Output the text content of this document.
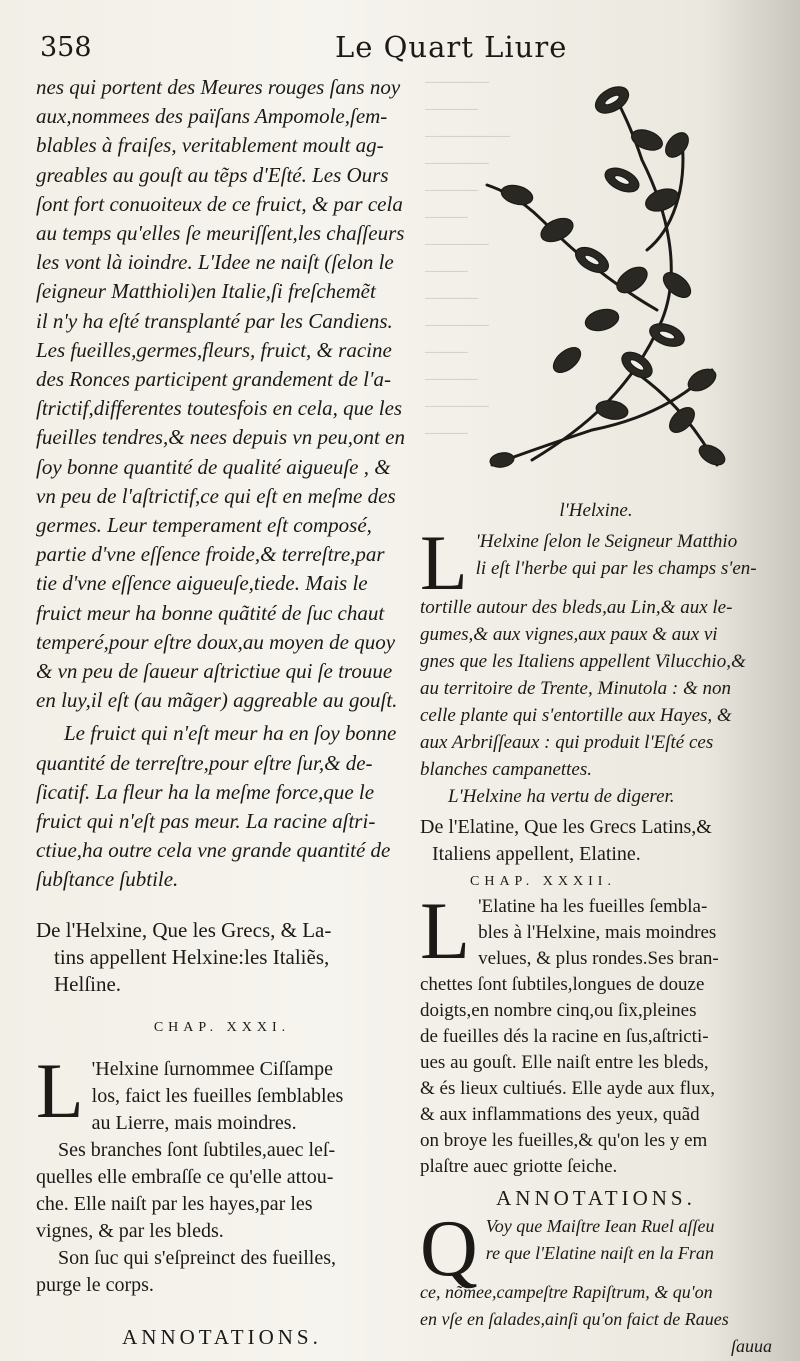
──────
─────
────────
──────
─────
────
──────
────
─────
──────
────
─────
──────
────
358	Le Quart Liure

nes qui portent des Meures rouges ſans noy

aux,nommees des païſans Ampomole,ſem-

blables à fraiſes, veritablement moult ag-

greables au gouſt au tẽps d'Eſté. Les Ours

ſont fort conuoiteux de ce fruict, & par cela

au temps qu'elles ſe meuriſſent,les chaſſeurs

les vont là ioindre. L'Idee ne naiſt (ſelon le

ſeigneur Matthioli)en Italie,ſi freſchemẽt

il n'y ha eſté transplanté par les Candiens.

Les fueilles,germes,fleurs, fruict, & racine

des Ronces participent grandement de l'a-

ſtrictif,differentes toutesfois en cela, que les

fueilles tendres,& nees depuis vn peu,ont en

ſoy bonne quantité de qualité aigueuſe , &

vn peu de l'aſtrictif,ce qui eſt en meſme des

germes. Leur temperament eſt composé,

partie d'vne eſſence froide,& terreſtre,par

tie d'vne eſſence aigueuſe,tiede. Mais le

fruict meur ha bonne quãtité de ſuc chaut

temperé,pour eſtre doux,au moyen de quoy

& vn peu de ſaueur aſtrictiue qui ſe trouue

en luy,il eſt (au mãger) aggreable au gouſt.

Le fruict qui n'eſt meur ha en ſoy bonne

quantité de terreſtre,pour eſtre ſur,& de-

ſicatif. La fleur ha la meſme force,que le

fruict qui n'eſt pas meur. La racine aſtri-

ctiue,ha outre cela vne grande quantité de

ſubſtance ſubtile.

De l'Helxine, Que les Grecs, & La-

tins appellent Helxine:les Italiẽs,

Helſine.

CHAP. XXXI.

L 'Helxine ſurnommee Ciſſampe

los, faict les fueilles ſemblables

au Lierre, mais moindres.

Ses branches ſont ſubtiles,auec leſ-

quelles elle embraſſe ce qu'elle attou-

che. Elle naiſt par les hayes,par les

vignes, & par les bleds.

Son ſuc qui s'eſpreinct des fueilles,

purge le corps.

ANNOTATIONS.

l'Helxine.

L 'Helxine ſelon le Seigneur Matthio

li eſt l'herbe qui par les champs s'en-

tortille autour des bleds,au Lin,& aux le-

gumes,& aux vignes,aux paux & aux vi

gnes que les Italiens appellent Vilucchio,&

au territoire de Trente, Minutola : & non

celle plante qui s'entortille aux Hayes, &

aux Arbriſſeaux : qui produit l'Eſté ces

blanches campanettes.

L'Helxine ha vertu de digerer.

De l'Elatine, Que les Grecs Latins,&

Italiens appellent, Elatine.

CHAP. XXXII.

L 'Elatine ha les fueilles ſembla-

bles à l'Helxine, mais moindres

velues, & plus rondes.Ses bran-

chettes ſont ſubtiles,longues de douze

doigts,en nombre cinq,ou ſix,pleines

de fueilles dés la racine en ſus,aſtricti-

ues au gouſt. Elle naiſt entre les bleds,

& és lieux cultiués. Elle ayde aux flux,

& aux inflammations des yeux, quãd

on broye les fueilles,& qu'on les y em

plaſtre auec griotte ſeiche.

ANNOTATIONS.

Q Voy que Maiſtre Iean Ruel aſſeu

re que l'Elatine naiſt en la Fran

ce, nõmee,campeſtre Rapiſtrum, & qu'on

en vſe en ſalades,ainſi qu'on faict de Raues

ſauua
